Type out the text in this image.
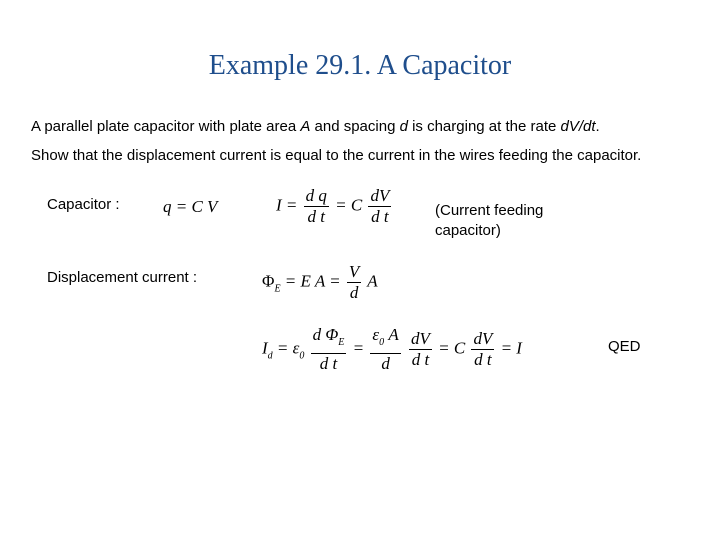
Example 29.1. A Capacitor
A parallel plate capacitor with plate area A and spacing d is charging at the rate dV/dt.
Show that the displacement current is equal to the current in the wires feeding the capacitor.
Capacitor :	q = C V	$I = \frac{\text{d q}}{\text{d t}} = C \frac{dV}{\text{d t}}$	(Current feeding capacitor)
Displacement current :	$\Phi_E = E$ $A = \frac{V}{d}$ A
$I_d = \varepsilon_0 \frac{d \Phi_E}{\text{d t}} = \frac{\varepsilon_0 A}{d}$
$\frac{dV}{\text{d t}} = C \frac{dV}{\text{d t}} = I$	QED
